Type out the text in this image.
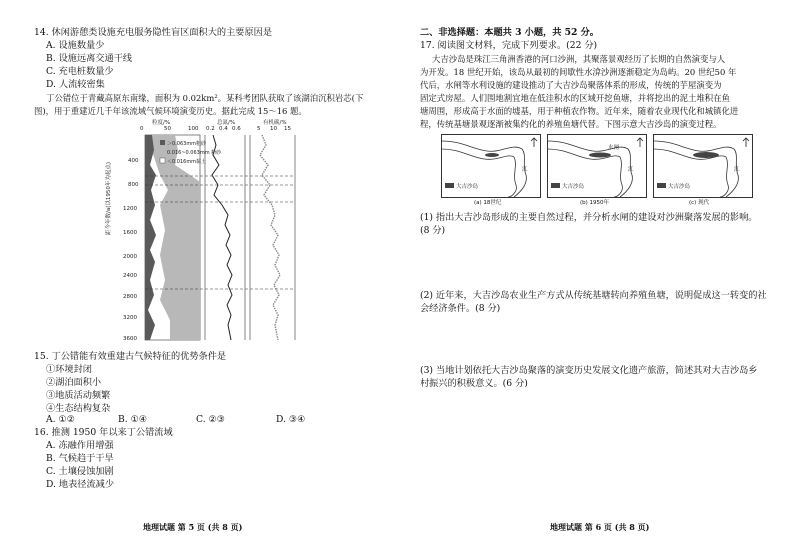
14. 休闲游憩类设施充电服务隐性盲区面积大的主要原因是
A. 设施数量少
B. 设施远离交通干线
C. 充电桩数量少
D. 人流较密集
丁公错位于青藏高原东南缘，面积为 0.02km²。某科考团队获取了该湖泊沉积岩芯(下
图)，用于重建近几千年该流域气候环境演变历史。据此完成 15～16 题。
粒度/%
0	50	100
总氮/%
0.2 0.4 0.6
有机碳/%
5 10 15
距今年数/a(以1950年为起点)
400
800
1200
1600
2000
2400
2800
3200
3600
＞0.063mm粗砂
0.016~0.063mm 粉砂
＜0.016mm黏土
15. 丁公错能有效重建古气候特征的优势条件是
①环境封闭
②湖泊面积小
③地质活动频繁
④生态结构复杂
A. ①②	B. ①④	C. ②③	D. ③④
16. 推测 1950 年以来丁公错流域
A. 冻融作用增强
B. 气候趋于干旱
C. 土壤侵蚀加剧
D. 地表径流减少
地理试题 第 5 页 (共 8 页)
二、非选择题：本题共 3 小题，共 52 分。
17. 阅读图文材料，完成下列要求。(22 分)
大吉沙岛是珠江三角洲香港的河口沙洲，其聚落景观经历了长期的自然演变与人
为开发。18 世纪开始，该岛从最初的间歇性水渰沙洲逐渐稳定为岛屿。20 世纪50 年
代后，水闸等水利设施的建设推动了大吉沙岛聚落体系的形成，传统的芋屋演变为
固定式房屋。人们围地割宜地在低洼积水的区域开挖鱼塘，并将挖出的泥土堆积在鱼
塘周围，形成高于水面的墟基，用于种植农作物。近年来，随着农业现代化和城镇化进
程，传统基塘景观逐渐被集约化的养殖鱼塘代替。下图示意大吉沙岛的演变过程。
大吉沙岛
江
(a) 18世纪
水闸
大吉沙岛
江
(b) 1950年
大吉沙岛
江
(c) 现代
(1) 指出大吉沙岛形成的主要自然过程，并分析水闸的建设对沙洲聚落发展的影响。
(8 分)
(2) 近年来，大吉沙岛农业生产方式从传统基塘转向养殖鱼塘，说明促成这一转变的社
会经济条件。(8 分)
(3) 当地计划依托大吉沙岛聚落的演变历史发展文化遗产旅游，简述其对大吉沙岛乡
村振兴的积极意义。(6 分)
地理试题 第 6 页 (共 8 页)
